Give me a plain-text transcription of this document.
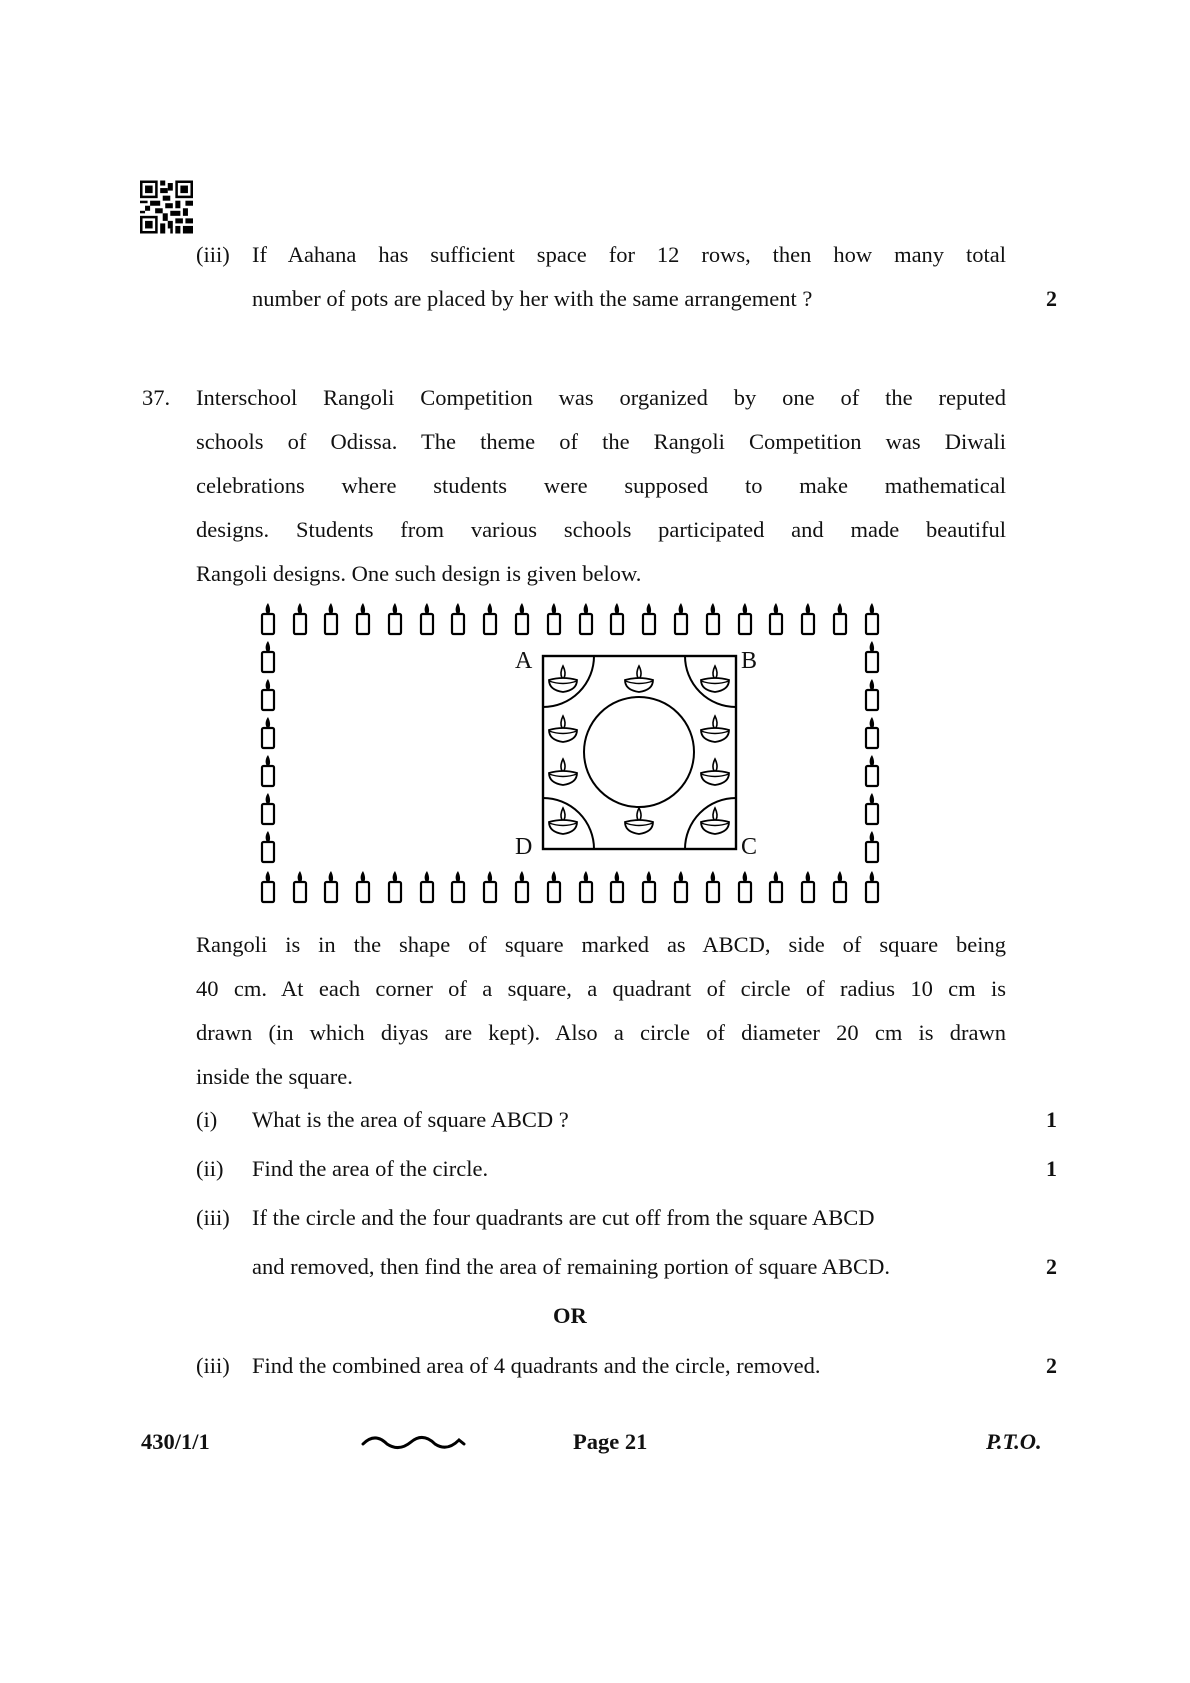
(iii) If Aahana has sufficient space for 12 rows, then how many total
number of pots are placed by her with the same arrangement ?	2
37. Interschool Rangoli Competition was organized by one of the reputed
schools of Odissa. The theme of the Rangoli Competition was Diwali
celebrations where students were supposed to make mathematical
designs. Students from various schools participated and made beautiful
Rangoli designs. One such design is given below.
A	B
C
D
Rangoli is in the shape of square marked as ABCD, side of square being
40 cm. At each corner of a square, a quadrant of circle of radius 10 cm is
drawn (in which diyas are kept). Also a circle of diameter 20 cm is drawn
inside the square.
(i) What is the area of square ABCD ?	1
(ii) Find the area of the circle.	1
(iii) If the circle and the four quadrants are cut off from the square ABCD
and removed, then find the area of remaining portion of square ABCD.	2
OR
(iii) Find the combined area of 4 quadrants and the circle, removed.	2
430/1/1	Page 21	P.T.O.
